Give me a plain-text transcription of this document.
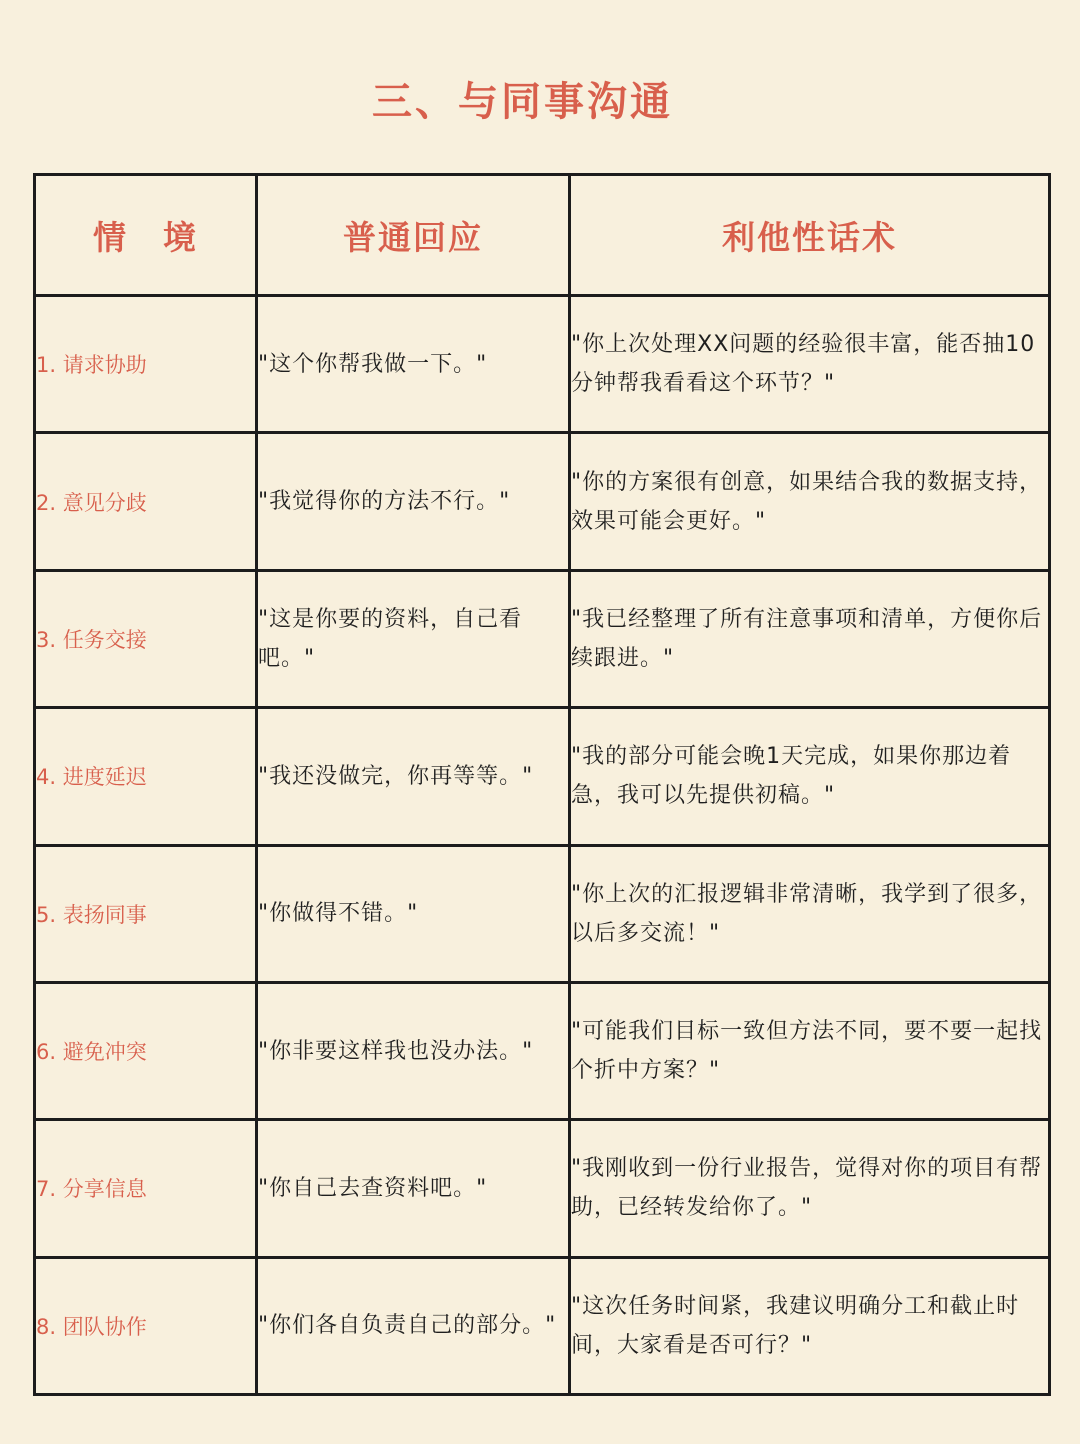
三、与同事沟通
情　境	普通回应	利他性话术
1. 请求协助	"这个你帮我做一下。"	"你上次处理XX问题的经验很丰富，能否抽10分钟帮我看看这个环节？"
2. 意见分歧	"我觉得你的方法不行。"	"你的方案很有创意，如果结合我的数据支持，效果可能会更好。"
3. 任务交接	"这是你要的资料，自己看吧。"	"我已经整理了所有注意事项和清单，方便你后续跟进。"
4. 进度延迟	"我还没做完，你再等等。"	"我的部分可能会晚1天完成，如果你那边着急，我可以先提供初稿。"
5. 表扬同事	"你做得不错。"	"你上次的汇报逻辑非常清晰，我学到了很多，以后多交流！"
6. 避免冲突	"你非要这样我也没办法。"	"可能我们目标一致但方法不同，要不要一起找个折中方案？"
7. 分享信息	"你自己去查资料吧。"	"我刚收到一份行业报告，觉得对你的项目有帮助，已经转发给你了。"
8. 团队协作	"你们各自负责自己的部分。"	"这次任务时间紧，我建议明确分工和截止时间，大家看是否可行？"
